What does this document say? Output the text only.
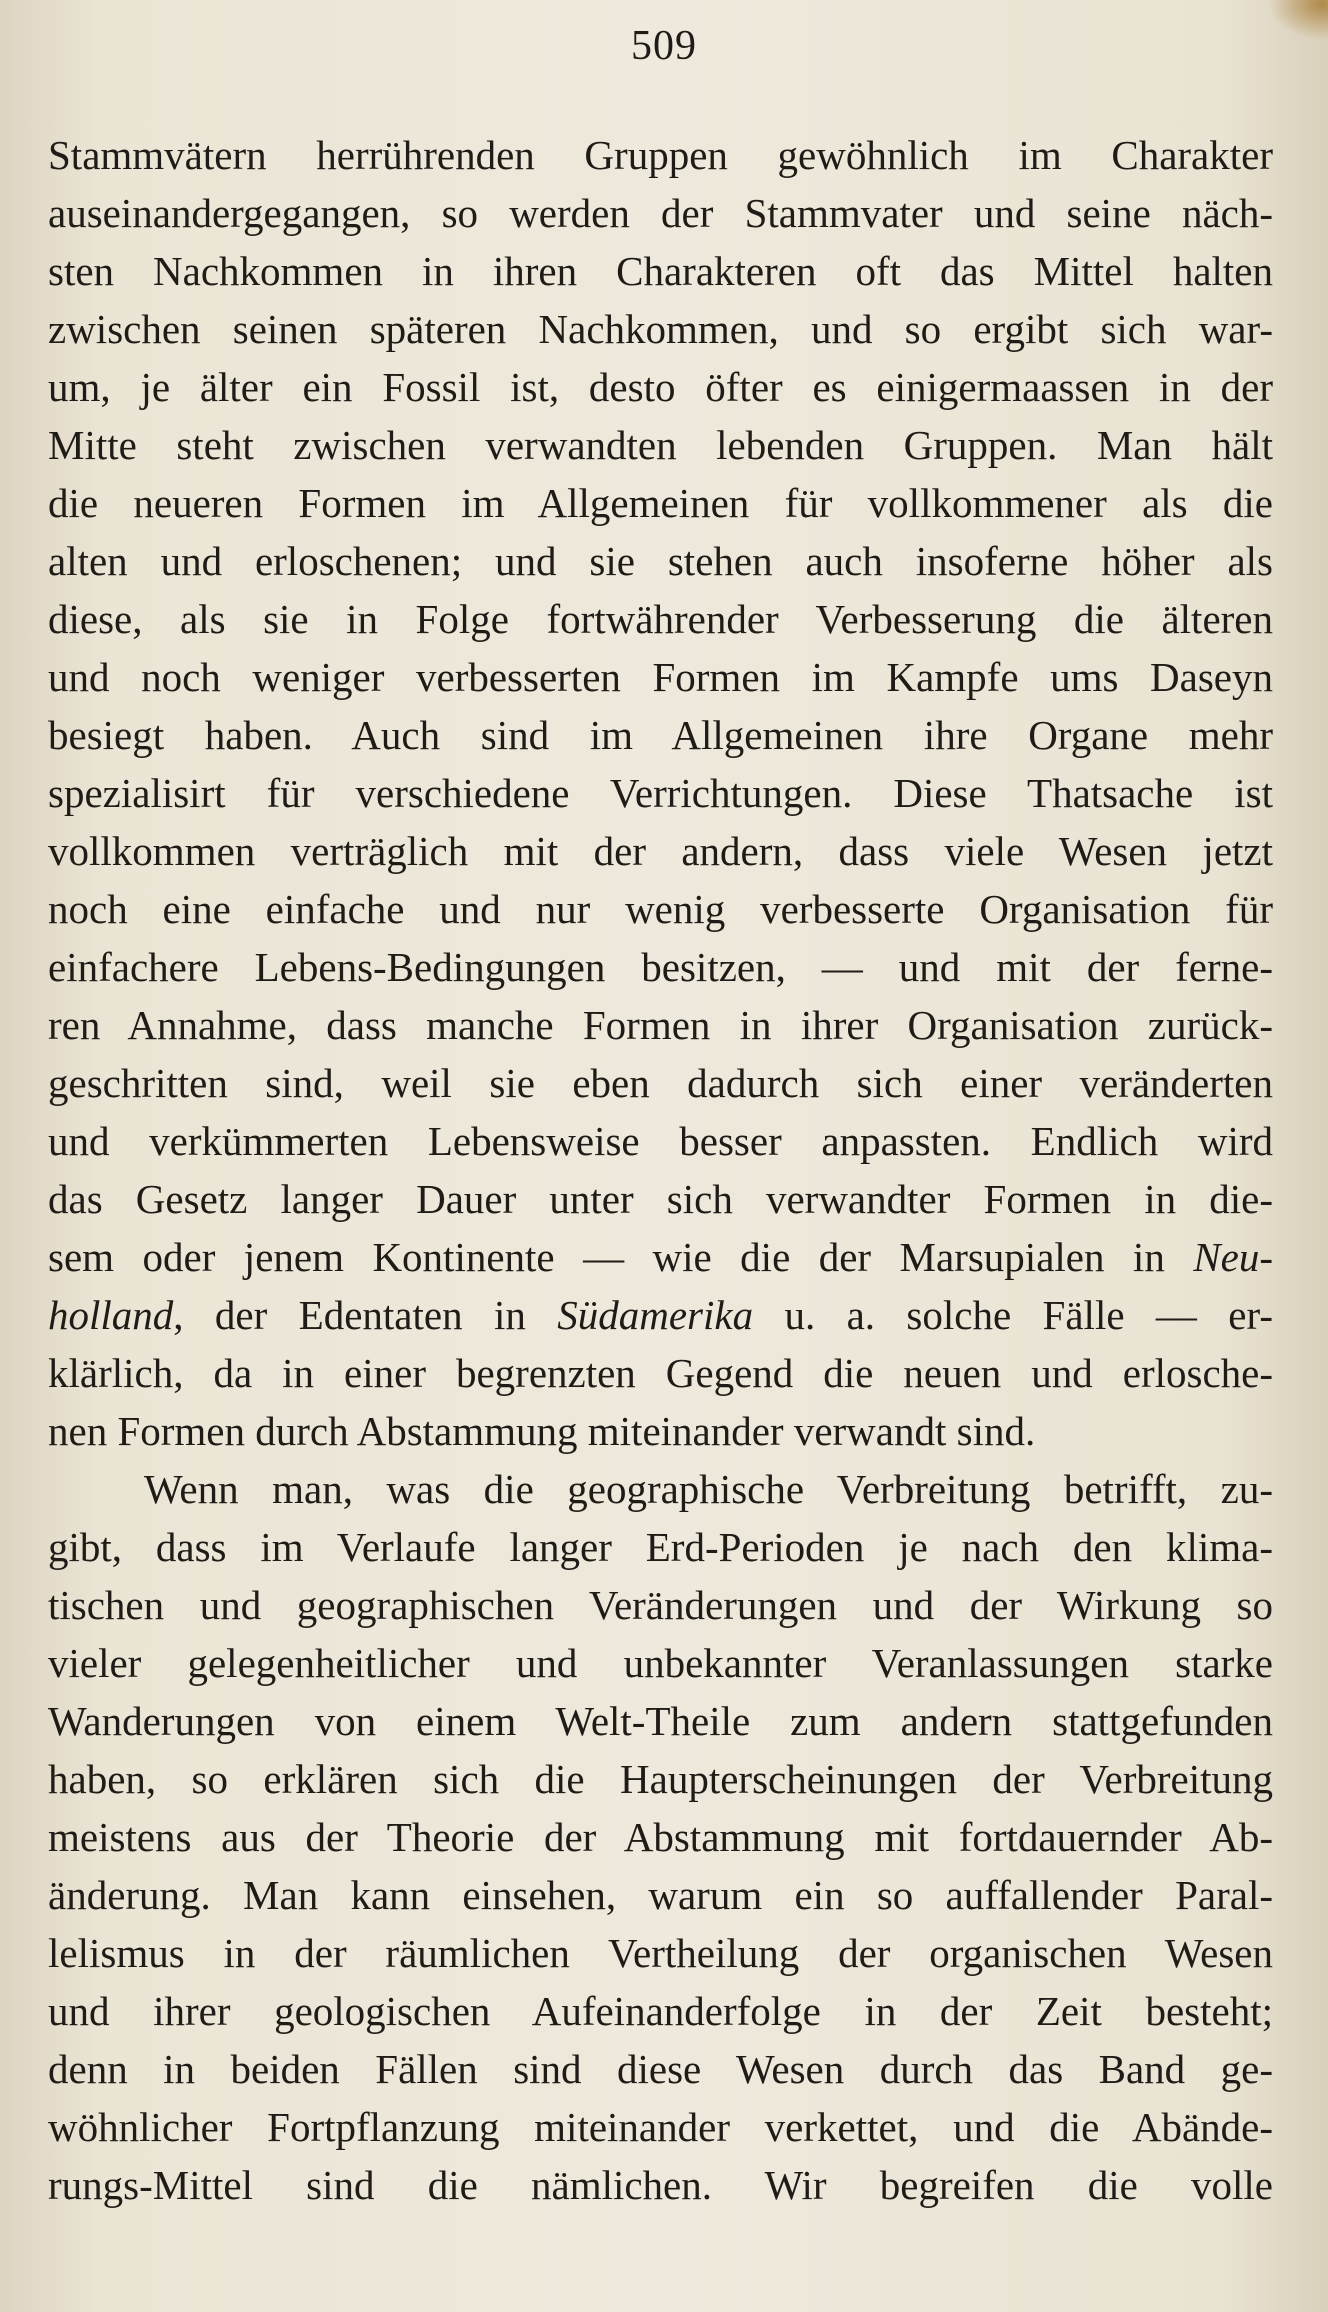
509
Stammvätern herrührenden Gruppen gewöhnlich im Charakter
auseinandergegangen, so werden der Stammvater und seine näch-
sten Nachkommen in ihren Charakteren oft das Mittel halten
zwischen seinen späteren Nachkommen, und so ergibt sich war-
um, je älter ein Fossil ist, desto öfter es einigermaassen in der
Mitte steht zwischen verwandten lebenden Gruppen. Man hält
die neueren Formen im Allgemeinen für vollkommener als die
alten und erloschenen; und sie stehen auch insoferne höher als
diese, als sie in Folge fortwährender Verbesserung die älteren
und noch weniger verbesserten Formen im Kampfe ums Daseyn
besiegt haben. Auch sind im Allgemeinen ihre Organe mehr
spezialisirt für verschiedene Verrichtungen. Diese Thatsache ist
vollkommen verträglich mit der andern, dass viele Wesen jetzt
noch eine einfache und nur wenig verbesserte Organisation für
einfachere Lebens-Bedingungen besitzen, — und mit der ferne-
ren Annahme, dass manche Formen in ihrer Organisation zurück-
geschritten sind, weil sie eben dadurch sich einer veränderten
und verkümmerten Lebensweise besser anpassten. Endlich wird
das Gesetz langer Dauer unter sich verwandter Formen in die-
sem oder jenem Kontinente — wie die der Marsupialen in Neu-
holland, der Edentaten in Südamerika u. a. solche Fälle — er-
klärlich, da in einer begrenzten Gegend die neuen und erlosche-
nen Formen durch Abstammung miteinander verwandt sind.
Wenn man, was die geographische Verbreitung betrifft, zu-
gibt, dass im Verlaufe langer Erd-Perioden je nach den klima-
tischen und geographischen Veränderungen und der Wirkung so
vieler gelegenheitlicher und unbekannter Veranlassungen starke
Wanderungen von einem Welt-Theile zum andern stattgefunden
haben, so erklären sich die Haupterscheinungen der Verbreitung
meistens aus der Theorie der Abstammung mit fortdauernder Ab-
änderung. Man kann einsehen, warum ein so auffallender Paral-
lelismus in der räumlichen Vertheilung der organischen Wesen
und ihrer geologischen Aufeinanderfolge in der Zeit besteht;
denn in beiden Fällen sind diese Wesen durch das Band ge-
wöhnlicher Fortpflanzung miteinander verkettet, und die Abände-
rungs-Mittel sind die nämlichen. Wir begreifen die volle
